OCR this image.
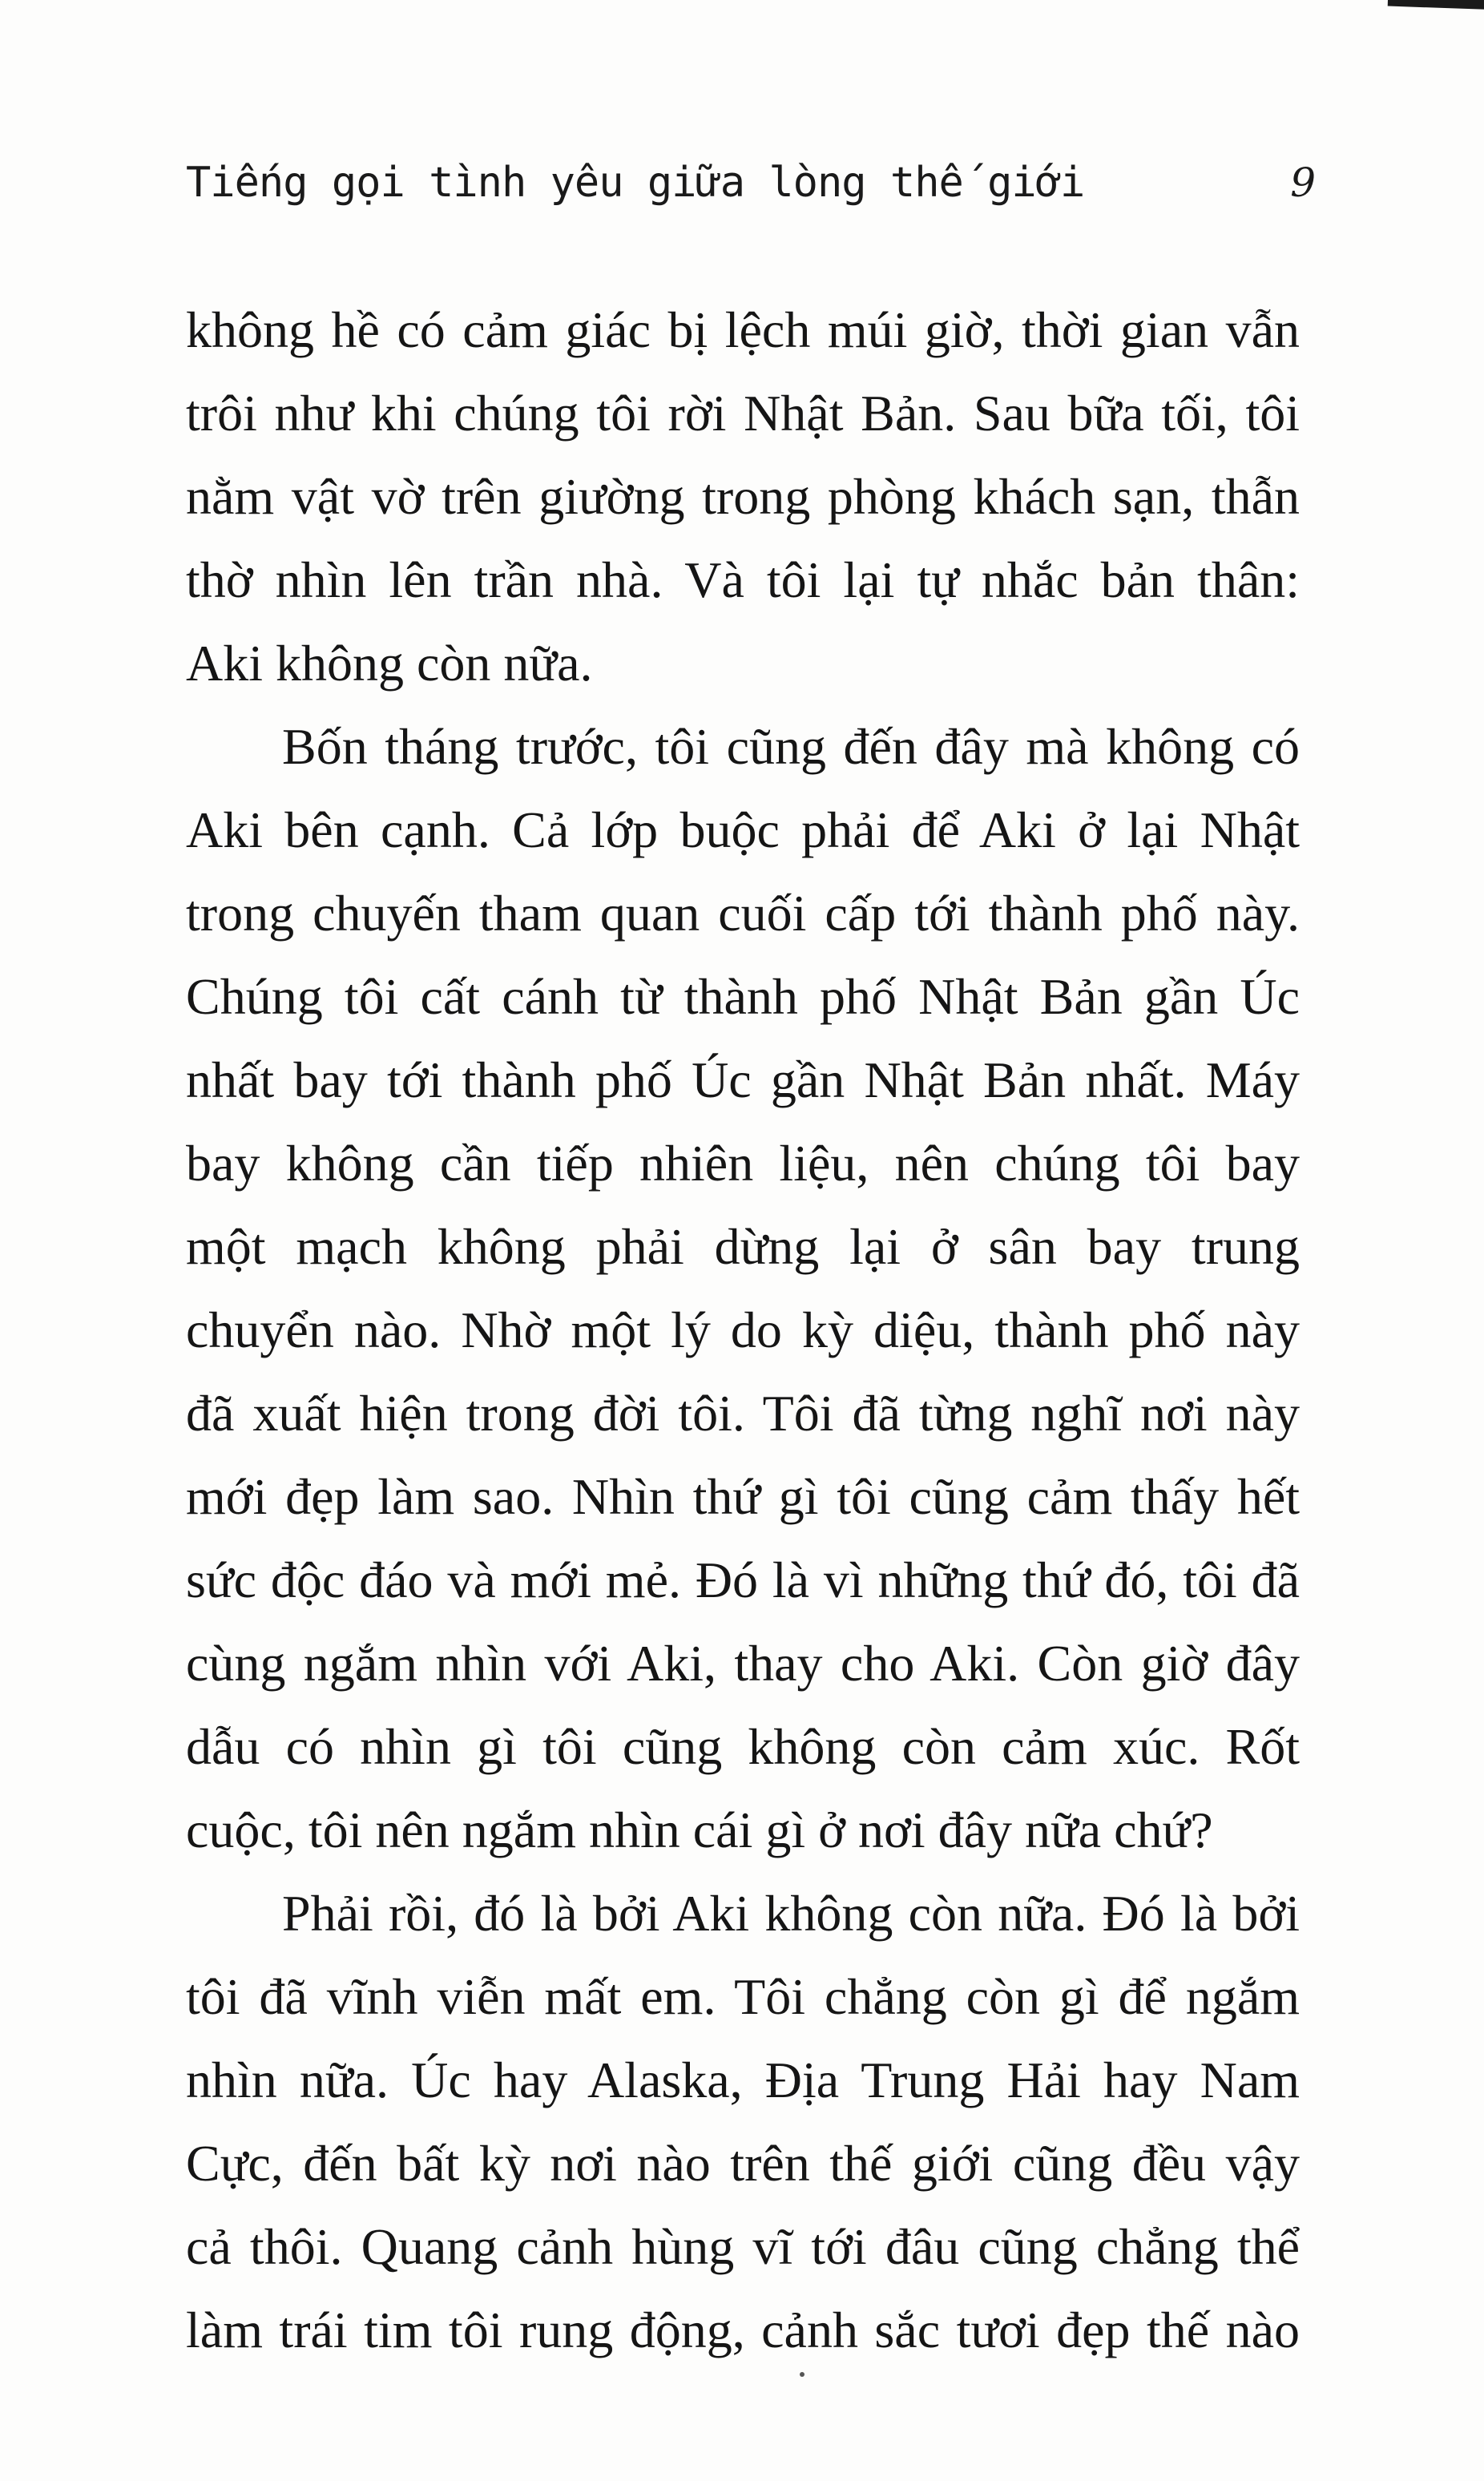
Tiếng gọi tình yêu giữa lòng thế giới	9
không hề có cảm giác bị lệch múi giờ, thời gian vẫn
trôi như khi chúng tôi rời Nhật Bản. Sau bữa tối, tôi
nằm vật vờ trên giường trong phòng khách sạn, thẫn
thờ nhìn lên trần nhà. Và tôi lại tự nhắc bản thân:
Aki không còn nữa.
Bốn tháng trước, tôi cũng đến đây mà không có
Aki bên cạnh. Cả lớp buộc phải để Aki ở lại Nhật
trong chuyến tham quan cuối cấp tới thành phố này.
Chúng tôi cất cánh từ thành phố Nhật Bản gần Úc
nhất bay tới thành phố Úc gần Nhật Bản nhất. Máy
bay không cần tiếp nhiên liệu, nên chúng tôi bay
một mạch không phải dừng lại ở sân bay trung
chuyển nào. Nhờ một lý do kỳ diệu, thành phố này
đã xuất hiện trong đời tôi. Tôi đã từng nghĩ nơi này
mới đẹp làm sao. Nhìn thứ gì tôi cũng cảm thấy hết
sức độc đáo và mới mẻ. Đó là vì những thứ đó, tôi đã
cùng ngắm nhìn với Aki, thay cho Aki. Còn giờ đây
dẫu có nhìn gì tôi cũng không còn cảm xúc. Rốt
cuộc, tôi nên ngắm nhìn cái gì ở nơi đây nữa chứ?
Phải rồi, đó là bởi Aki không còn nữa. Đó là bởi
tôi đã vĩnh viễn mất em. Tôi chẳng còn gì để ngắm
nhìn nữa. Úc hay Alaska, Địa Trung Hải hay Nam
Cực, đến bất kỳ nơi nào trên thế giới cũng đều vậy
cả thôi. Quang cảnh hùng vĩ tới đâu cũng chẳng thể
làm trái tim tôi rung động, cảnh sắc tươi đẹp thế nào
